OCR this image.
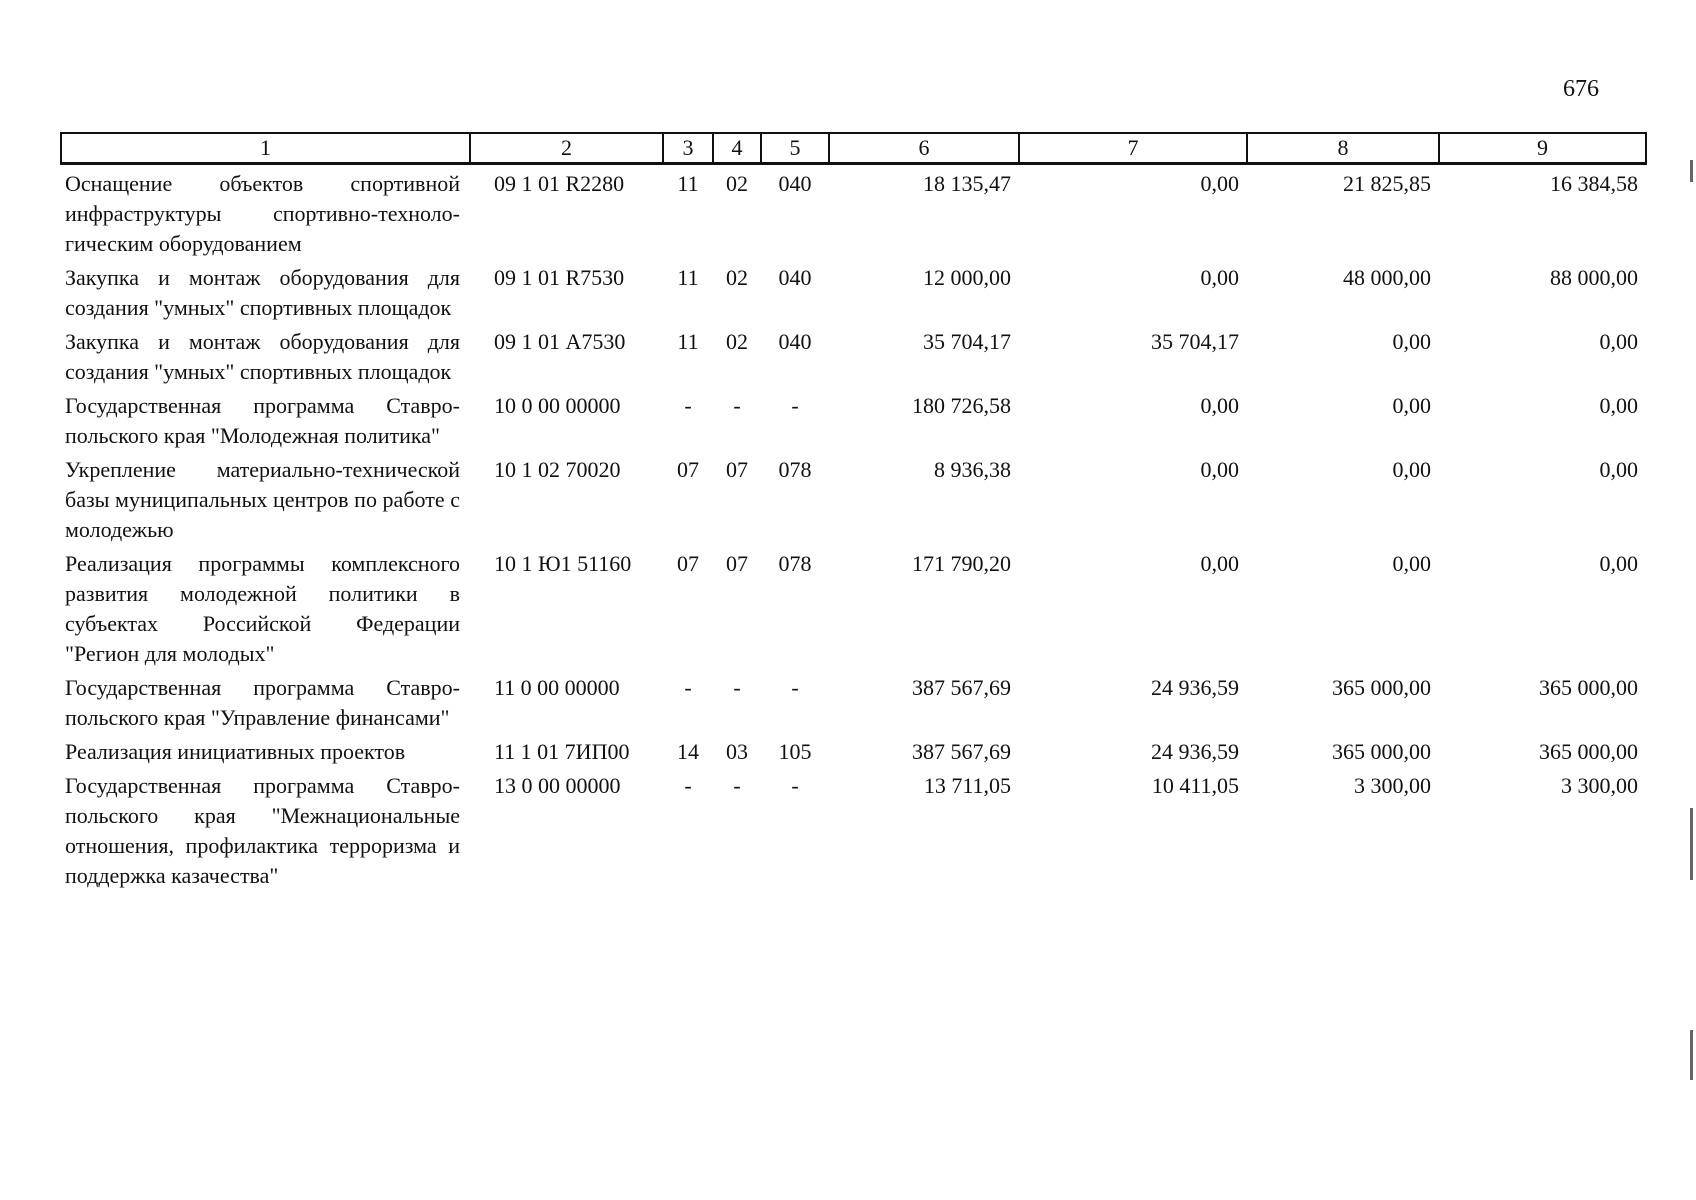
676
1	2	3	4	5	6	7	8	9
Оснащение объектов спортивной инфраструктуры спортивно-техноло-гическим оборудованием	09 1 01 R2280	11	02	040	18 135,47	0,00	21 825,85	16 384,58
Закупка и монтаж оборудования для создания "умных" спортивных площадок	09 1 01 R7530	11	02	040	12 000,00	0,00	48 000,00	88 000,00
Закупка и монтаж оборудования для создания "умных" спортивных площадок	09 1 01 А7530	11	02	040	35 704,17	35 704,17	0,00	0,00
Государственная программа Ставро-польского края "Молодежная политика"	10 0 00 00000	-	-	-	180 726,58	0,00	0,00	0,00
Укрепление материально-технической базы муниципальных центров по работе с молодежью	10 1 02 70020	07	07	078	8 936,38	0,00	0,00	0,00
Реализация программы комплексного развития молодежной политики в субъектах Российской Федерации "Регион для молодых"	10 1 Ю1 51160	07	07	078	171 790,20	0,00	0,00	0,00
Государственная программа Ставро-польского края "Управление финансами"	11 0 00 00000	-	-	-	387 567,69	24 936,59	365 000,00	365 000,00
Реализация инициативных проектов	11 1 01 7ИП00	14	03	105	387 567,69	24 936,59	365 000,00	365 000,00
Государственная программа Ставро-польского края "Межнациональные отношения, профилактика терроризма и поддержка казачества"	13 0 00 00000	-	-	-	13 711,05	10 411,05	3 300,00	3 300,00
